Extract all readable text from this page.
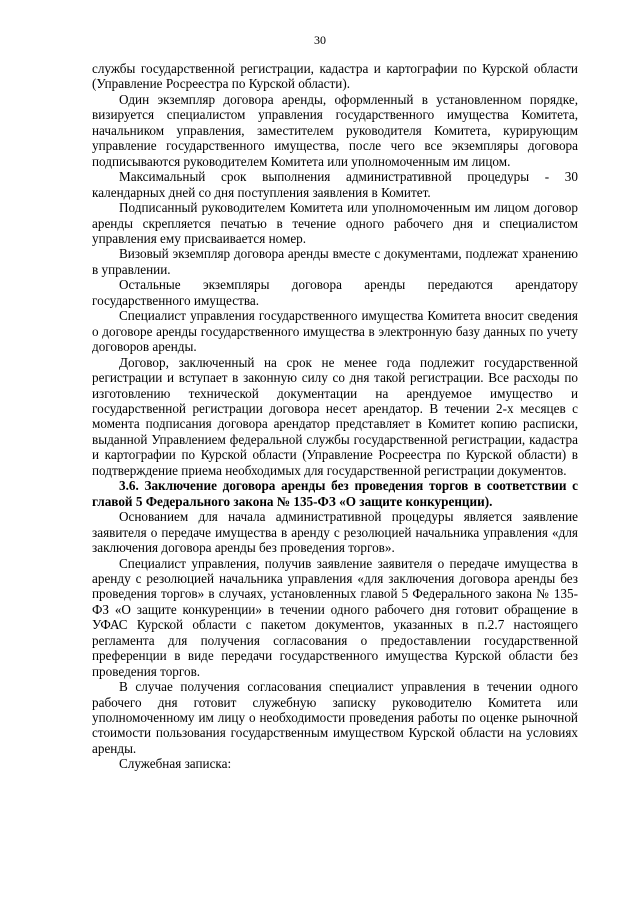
30

службы государственной регистрации, кадастра и картографии по Курской области (Управление Росреестра по Курской области).

Один экземпляр договора аренды, оформленный в установленном порядке, визируется специалистом управления государственного имущества Комитета, начальником управления, заместителем руководителя Комитета, курирующим управление государственного имущества, после чего все экземпляры договора подписываются руководителем Комитета или уполномоченным им лицом.

Максимальный срок выполнения административной процедуры - 30 календарных дней со дня поступления заявления в Комитет.

Подписанный руководителем Комитета или уполномоченным им лицом договор аренды скрепляется печатью в течение одного рабочего дня и специалистом управления ему присваивается номер.

Визовый экземпляр договора аренды вместе с документами, подлежат хранению в управлении.

Остальные экземпляры договора аренды передаются арендатору государственного имущества.

Специалист управления государственного имущества Комитета вносит сведения о договоре аренды государственного имущества в электронную базу данных по учету договоров аренды.

Договор, заключенный на срок не менее года подлежит государственной регистрации и вступает в законную силу со дня такой регистрации. Все расходы по изготовлению технической документации на арендуемое имущество и государственной регистрации договора несет арендатор. В течении 2-х месяцев с момента подписания договора арендатор представляет в Комитет копию расписки, выданной Управлением федеральной службы государственной регистрации, кадастра и картографии по Курской области (Управление Росреестра по Курской области) в подтверждение приема необходимых для государственной регистрации документов.

3.6. Заключение договора аренды без проведения торгов в соответствии с главой 5 Федерального закона № 135-ФЗ «О защите конкуренции).

Основанием для начала административной процедуры является заявление заявителя о передаче имущества в аренду с резолюцией начальника управления «для заключения договора аренды без проведения торгов».

Специалист управления, получив заявление заявителя о передаче имущества в аренду с резолюцией начальника управления «для заключения договора аренды без проведения торгов» в случаях, установленных главой 5 Федерального закона № 135-ФЗ «О защите конкуренции» в течении одного рабочего дня готовит обращение в УФАС Курской области с пакетом документов, указанных в п.2.7 настоящего регламента для получения согласования о предоставлении государственной преференции в виде передачи государственного имущества Курской области без проведения торгов.

В случае получения согласования специалист управления в течении одного рабочего дня готовит служебную записку руководителю Комитета или уполномоченному им лицу о необходимости проведения работы по оценке рыночной стоимости пользования государственным имуществом Курской области на условиях аренды.

Служебная записка:
